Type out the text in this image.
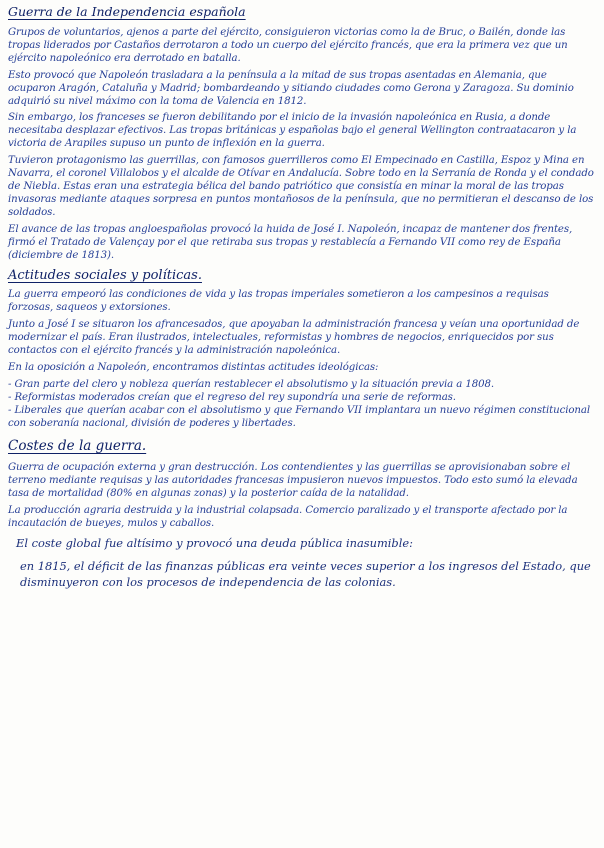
Guerra de la Independencia española

Grupos de voluntarios, ajenos a parte del ejército, consiguieron victorias como la de Bruc, o Bailén, donde las tropas liderados por Castaños derrotaron a todo un cuerpo del ejército francés, que era la primera vez que un ejército napoleónico era derrotado en batalla.

Esto provocó que Napoleón trasladara a la península a la mitad de sus tropas asentadas en Alemania, que ocuparon Aragón, Cataluña y Madrid; bombardeando y sitiando ciudades como Gerona y Zaragoza. Su dominio adquirió su nivel máximo con la toma de Valencia en 1812.

Sin embargo, los franceses se fueron debilitando por el inicio de la invasión napoleónica en Rusia, a donde necesitaba desplazar efectivos. Las tropas británicas y españolas bajo el general Wellington contraatacaron y la victoria de Arapiles supuso un punto de inflexión en la guerra.

Tuvieron protagonismo las guerrillas, con famosos guerrilleros como El Empecinado en Castilla, Espoz y Mina en Navarra, el coronel Villalobos y el alcalde de Otívar en Andalucía. Sobre todo en la Serranía de Ronda y el condado de Niebla. Estas eran una estrategia bélica del bando patriótico que consistía en minar la moral de las tropas invasoras mediante ataques sorpresa en puntos montañosos de la península, que no permitieran el descanso de los soldados.

El avance de las tropas angloespañolas provocó la huida de José I. Napoleón, incapaz de mantener dos frentes, firmó el Tratado de Valençay por el que retiraba sus tropas y restablecía a Fernando VII como rey de España (diciembre de 1813).

Actitudes sociales y políticas.

La guerra empeoró las condiciones de vida y las tropas imperiales sometieron a los campesinos a requisas forzosas, saqueos y extorsiones.

Junto a José I se situaron los afrancesados, que apoyaban la administración francesa y veían una oportunidad de modernizar el país. Eran ilustrados, intelectuales, reformistas y hombres de negocios, enriquecidos por sus contactos con el ejército francés y la administración napoleónica.

En la oposición a Napoleón, encontramos distintas actitudes ideológicas:

- Gran parte del clero y nobleza querían restablecer el absolutismo y la situación previa a 1808.
- Reformistas moderados creían que el regreso del rey supondría una serie de reformas.
- Liberales que querían acabar con el absolutismo y que Fernando VII implantara un nuevo régimen constitucional con soberanía nacional, división de poderes y libertades.
Costes de la guerra.

Guerra de ocupación externa y gran destrucción. Los contendientes y las guerrillas se aprovisionaban sobre el terreno mediante requisas y las autoridades francesas impusieron nuevos impuestos. Todo esto sumó la elevada tasa de mortalidad (80% en algunas zonas) y la posterior caída de la natalidad.

La producción agraria destruida y la industrial colapsada. Comercio paralizado y el transporte afectado por la incautación de bueyes, mulos y caballos.

El coste global fue altísimo y provocó una deuda pública inasumible:

en 1815, el déficit de las finanzas públicas era veinte veces superior a los ingresos del Estado, que disminuyeron con los procesos de independencia de las colonias.
